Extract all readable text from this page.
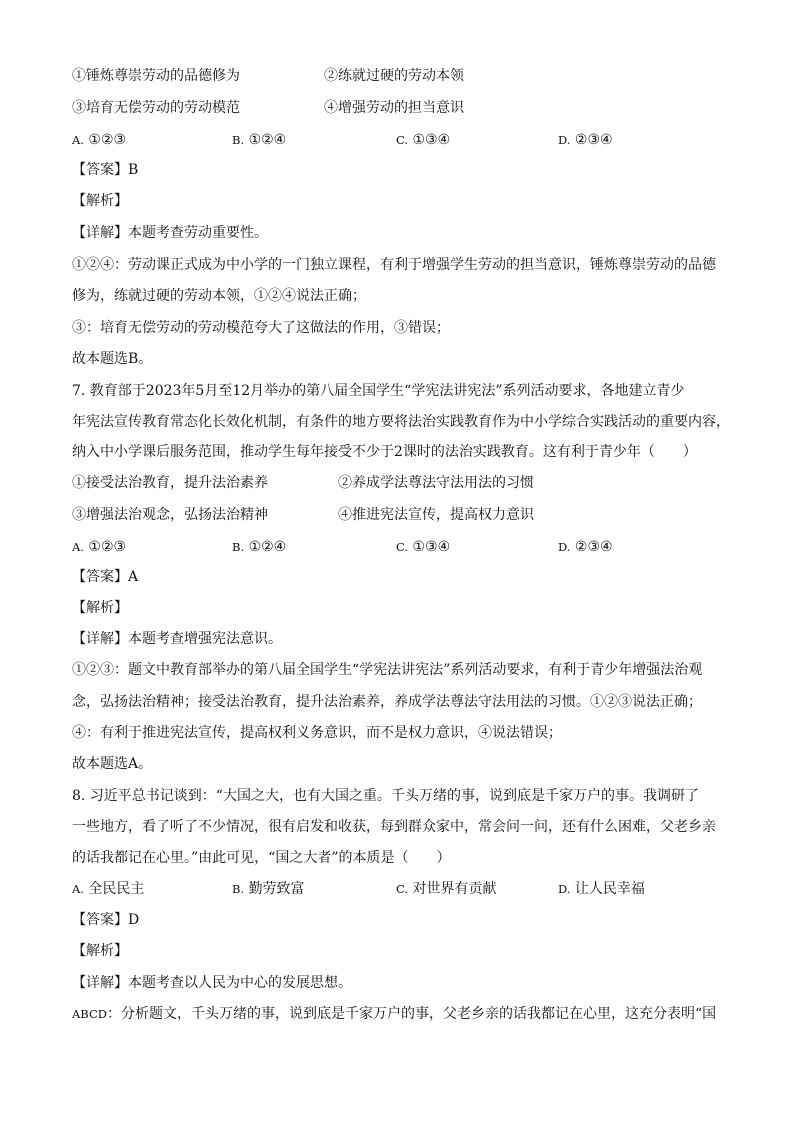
①锤炼尊崇劳动的品德修为	②练就过硬的劳动本领
③培育无偿劳动的劳动模范	④增强劳动的担当意识
A. ①②③	B. ①②④	C. ①③④	D. ②③④
【答案】B
【解析】
【详解】本题考查劳动重要性。
①②④：劳动课正式成为中小学的一门独立课程，有利于增强学生劳动的担当意识，锤炼尊崇劳动的品德
修为，练就过硬的劳动本领，①②④说法正确；
③：培育无偿劳动的劳动模范夸大了这做法的作用，③错误；
故本题选B。
7. 教育部于2023年5月至12月举办的第八届全国学生“学宪法讲宪法”系列活动要求，各地建立青少
年宪法宣传教育常态化长效化机制，有条件的地方要将法治实践教育作为中小学综合实践活动的重要内容，
纳入中小学课后服务范围，推动学生每年接受不少于2课时的法治实践教育。这有利于青少年（　　）
①接受法治教育，提升法治素养	②养成学法尊法守法用法的习惯
③增强法治观念，弘扬法治精神	④推进宪法宣传，提高权力意识
A. ①②③	B. ①②④	C. ①③④	D. ②③④
【答案】A
【解析】
【详解】本题考查增强宪法意识。
①②③：题文中教育部举办的第八届全国学生“学宪法讲宪法”系列活动要求，有利于青少年增强法治观
念，弘扬法治精神；接受法治教育，提升法治素养，养成学法尊法守法用法的习惯。①②③说法正确；
④：有利于推进宪法宣传，提高权利义务意识，而不是权力意识，④说法错误；
故本题选A。
8. 习近平总书记谈到：“大国之大，也有大国之重。千头万绪的事，说到底是千家万户的事。我调研了
一些地方，看了听了不少情况，很有启发和收获，每到群众家中，常会问一问，还有什么困难，父老乡亲
的话我都记在心里。”由此可见，“国之大者”的本质是（　　）
A. 全民民主	B. 勤劳致富	C. 对世界有贡献	D. 让人民幸福
【答案】D
【解析】
【详解】本题考查以人民为中心的发展思想。
ABCD：分析题文，千头万绪的事，说到底是千家万户的事，父老乡亲的话我都记在心里，这充分表明“国
